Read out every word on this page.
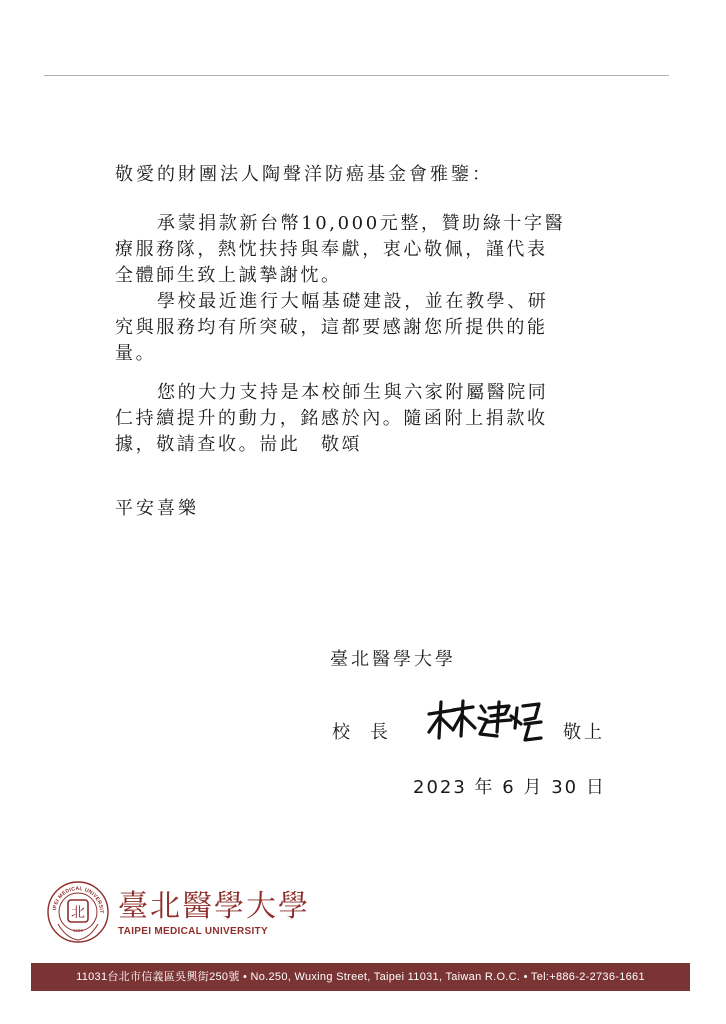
敬愛的財團法人陶聲洋防癌基金會雅鑒：
承蒙捐款新台幣10,000元整，贊助綠十字醫
療服務隊，熱忱扶持與奉獻，衷心敬佩，謹代表
全體師生致上誠摯謝忱。
學校最近進行大幅基礎建設，並在教學、研
究與服務均有所突破，這都要感謝您所提供的能
量。
您的大力支持是本校師生與六家附屬醫院同
仁持續提升的動力，銘感於內。隨函附上捐款收
據，敬請查收。耑此　敬頌
平安喜樂
臺北醫學大學
校長	敬上
2023 年 6 月 30 日
IPEI MEDICAL UNIVERSIT
北
1960
臺北醫學大學
TAIPEI MEDICAL UNIVERSITY
11031台北市信義區吳興街250號 • No.250, Wuxing Street, Taipei 11031, Taiwan R.O.C. • Tel:+886-2-2736-1661
